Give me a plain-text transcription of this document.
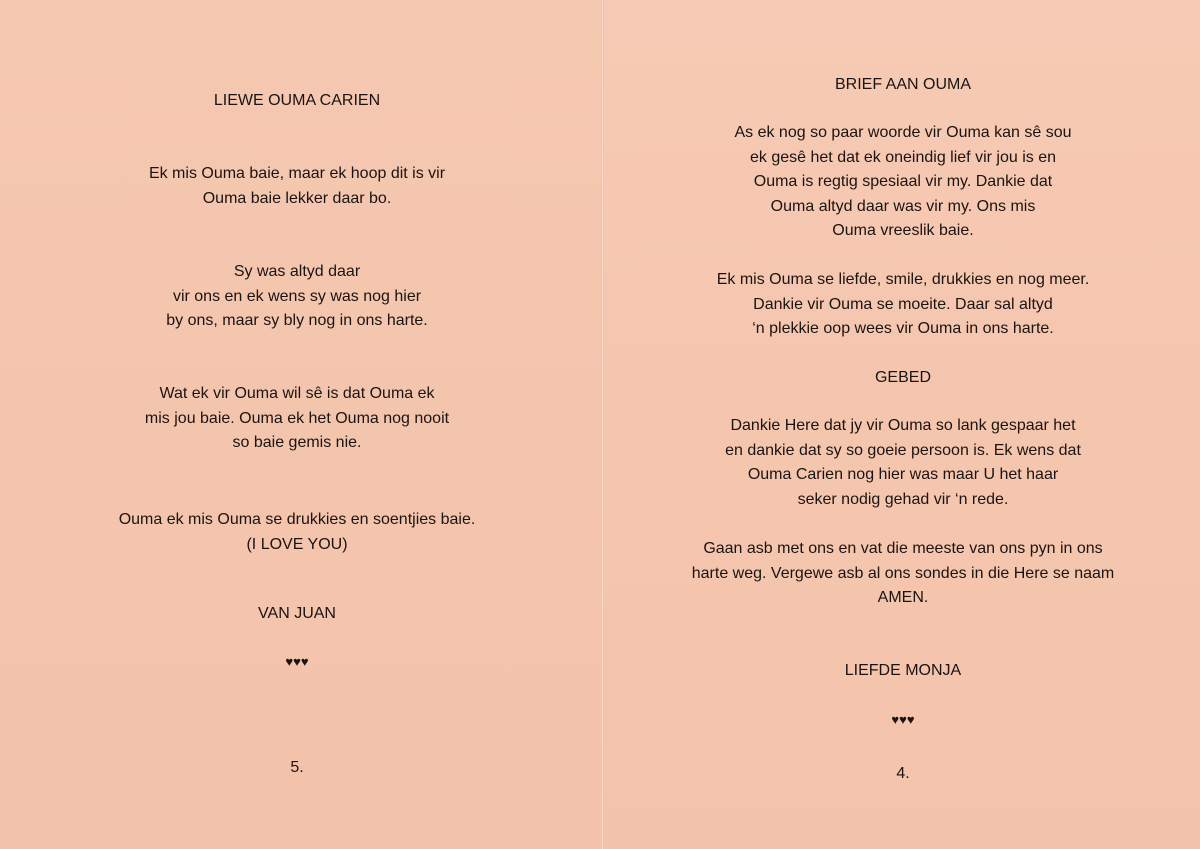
LIEWE OUMA CARIEN
Ek mis Ouma baie, maar ek hoop dit is vir
Ouma baie lekker daar bo.
Sy was altyd daar
vir ons en ek wens sy was nog hier
by ons, maar sy bly nog in ons harte.
Wat ek vir Ouma wil sê is dat Ouma ek
mis jou baie. Ouma ek het Ouma nog nooit
so baie gemis nie.
Ouma ek mis Ouma se drukkies en soentjies baie.
(I LOVE YOU)
VAN JUAN
♥♥♥
5.
BRIEF AAN OUMA
As ek nog so paar woorde vir Ouma kan sê sou
ek gesê het dat ek oneindig lief vir jou is en
Ouma is regtig spesiaal vir my. Dankie dat
Ouma altyd daar was vir my. Ons mis
Ouma vreeslik baie.
Ek mis Ouma se liefde, smile, drukkies en nog meer.
Dankie vir Ouma se moeite. Daar sal altyd
‘n plekkie oop wees vir Ouma in ons harte.
GEBED
Dankie Here dat jy vir Ouma so lank gespaar het
en dankie dat sy so goeie persoon is. Ek wens dat
Ouma Carien nog hier was maar U het haar
seker nodig gehad vir ‘n rede.
Gaan asb met ons en vat die meeste van ons pyn in ons
harte weg. Vergewe asb al ons sondes in die Here se naam
AMEN.
LIEFDE MONJA
♥♥♥
4.
